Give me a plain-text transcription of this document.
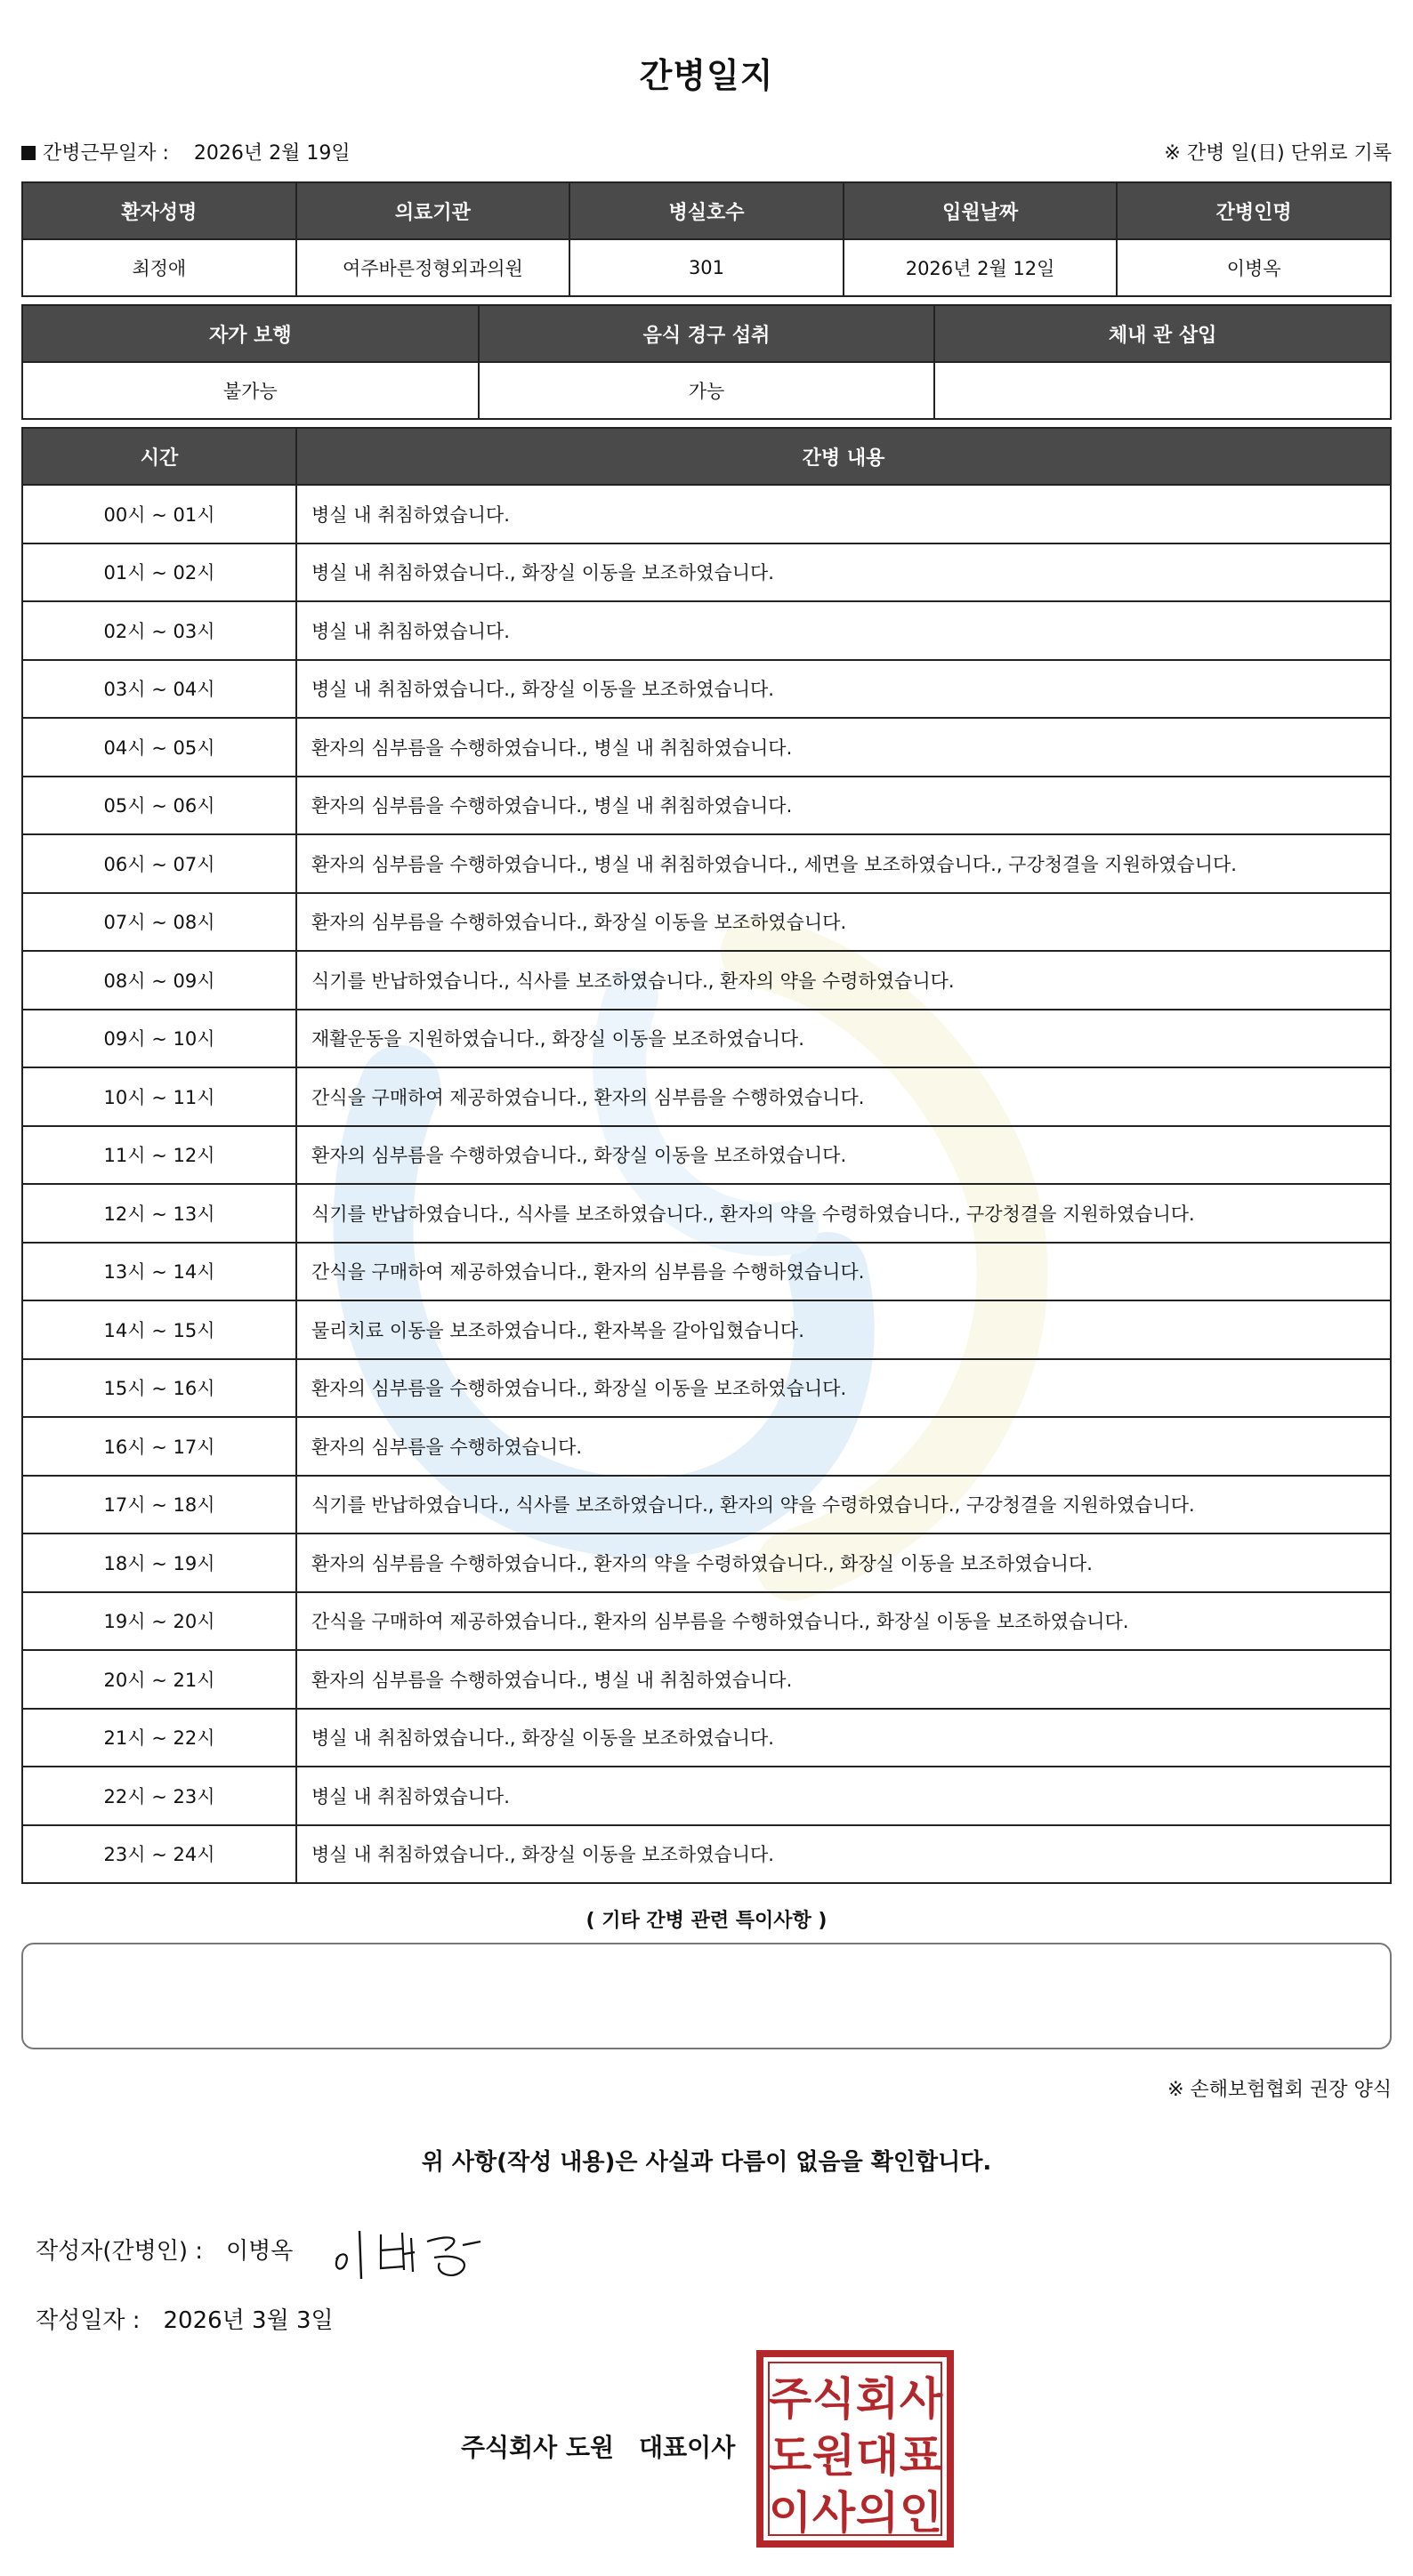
간병일지
간병근무일자 : 2026년 2월 19일	※ 간병 일(日) 단위로 기록
환자성명	의료기관	병실호수	입원날짜	간병인명
최정애	여주바른정형외과의원	301	2026년 2월 12일	이병옥
자가 보행	음식 경구 섭취	체내 관 삽입
불가능	가능	
시간	간병 내용
00시 ~ 01시	병실 내 취침하였습니다.
01시 ~ 02시	병실 내 취침하였습니다., 화장실 이동을 보조하였습니다.
02시 ~ 03시	병실 내 취침하였습니다.
03시 ~ 04시	병실 내 취침하였습니다., 화장실 이동을 보조하였습니다.
04시 ~ 05시	환자의 심부름을 수행하였습니다., 병실 내 취침하였습니다.
05시 ~ 06시	환자의 심부름을 수행하였습니다., 병실 내 취침하였습니다.
06시 ~ 07시	환자의 심부름을 수행하였습니다., 병실 내 취침하였습니다., 세면을 보조하였습니다., 구강청결을 지원하였습니다.
07시 ~ 08시	환자의 심부름을 수행하였습니다., 화장실 이동을 보조하였습니다.
08시 ~ 09시	식기를 반납하였습니다., 식사를 보조하였습니다., 환자의 약을 수령하였습니다.
09시 ~ 10시	재활운동을 지원하였습니다., 화장실 이동을 보조하였습니다.
10시 ~ 11시	간식을 구매하여 제공하였습니다., 환자의 심부름을 수행하였습니다.
11시 ~ 12시	환자의 심부름을 수행하였습니다., 화장실 이동을 보조하였습니다.
12시 ~ 13시	식기를 반납하였습니다., 식사를 보조하였습니다., 환자의 약을 수령하였습니다., 구강청결을 지원하였습니다.
13시 ~ 14시	간식을 구매하여 제공하였습니다., 환자의 심부름을 수행하였습니다.
14시 ~ 15시	물리치료 이동을 보조하였습니다., 환자복을 갈아입혔습니다.
15시 ~ 16시	환자의 심부름을 수행하였습니다., 화장실 이동을 보조하였습니다.
16시 ~ 17시	환자의 심부름을 수행하였습니다.
17시 ~ 18시	식기를 반납하였습니다., 식사를 보조하였습니다., 환자의 약을 수령하였습니다., 구강청결을 지원하였습니다.
18시 ~ 19시	환자의 심부름을 수행하였습니다., 환자의 약을 수령하였습니다., 화장실 이동을 보조하였습니다.
19시 ~ 20시	간식을 구매하여 제공하였습니다., 환자의 심부름을 수행하였습니다., 화장실 이동을 보조하였습니다.
20시 ~ 21시	환자의 심부름을 수행하였습니다., 병실 내 취침하였습니다.
21시 ~ 22시	병실 내 취침하였습니다., 화장실 이동을 보조하였습니다.
22시 ~ 23시	병실 내 취침하였습니다.
23시 ~ 24시	병실 내 취침하였습니다., 화장실 이동을 보조하였습니다.
( 기타 간병 관련 특이사항 )
※ 손해보험협회 권장 양식
위 사항(작성 내용)은 사실과 다름이 없음을 확인합니다.
작성자(간병인) : 이병옥
작성일자 : 2026년 3월 3일
주식회사 도원 대표이사
주 식 회 사
도 원 대 표
이 사 의 인
